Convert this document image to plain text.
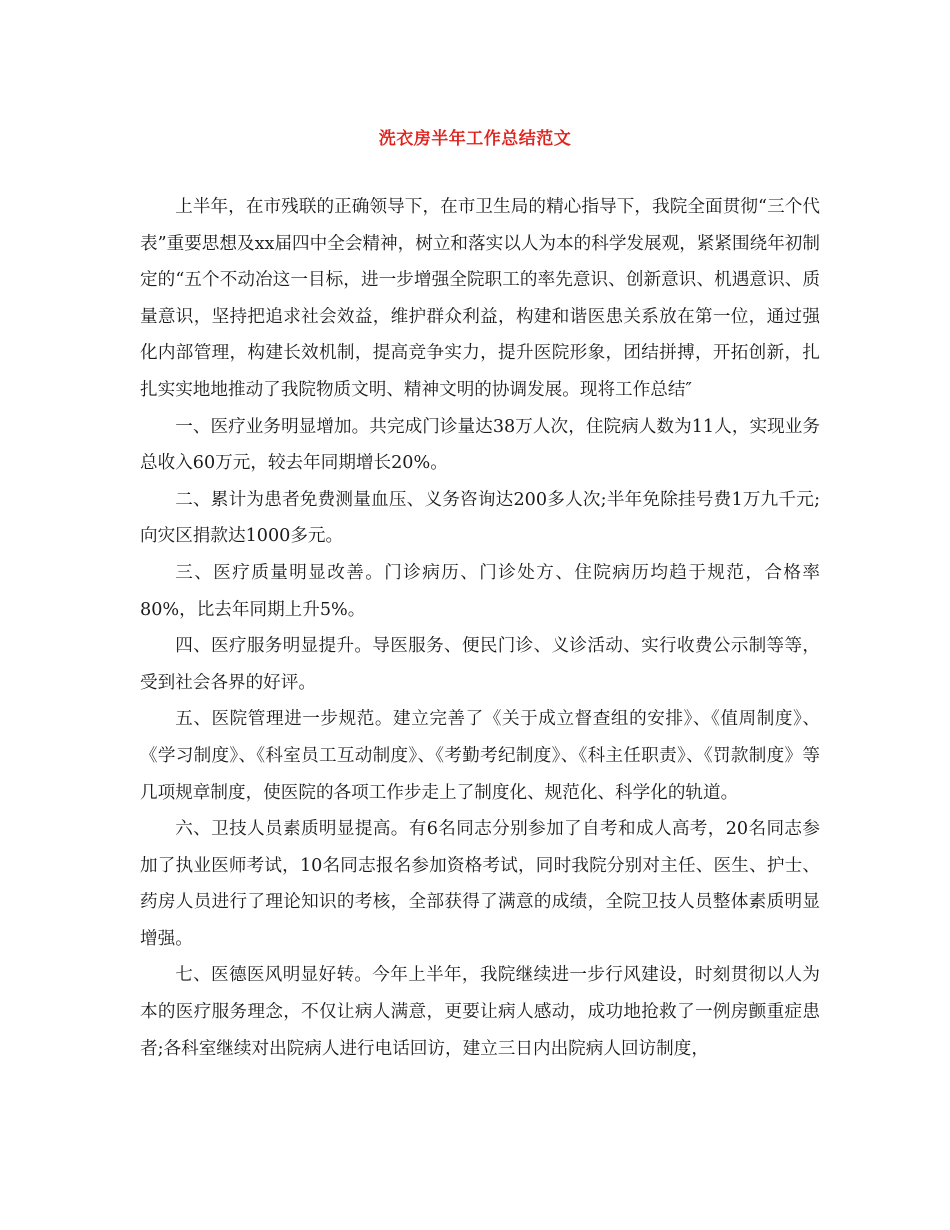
洗衣房半年工作总结范文

上半年，在市残联的正确领导下，在市卫生局的精心指导下，我院全面贯彻“三个代表”重要思想及xx届四中全会精神，树立和落实以人为本的科学发展观，紧紧围绕年初制定的“五个不动冶这一目标，进一步增强全院职工的率先意识、创新意识、机遇意识、质量意识，坚持把追求社会效益，维护群众利益，构建和谐医患关系放在第一位，通过强化内部管理，构建长效机制，提高竞争实力，提升医院形象，团结拼搏，开拓创新，扎扎实实地地推动了我院物质文明、精神文明的协调发展。现将工作总结″

一、医疗业务明显增加。共完成门诊量达38万人次，住院病人数为11人，实现业务总收入60万元，较去年同期增长20%。

二、累计为患者免费测量血压、义务咨询达200多人次;半年免除挂号费1万九千元;向灾区捐款达1000多元。

三、医疗质量明显改善。门诊病历、门诊处方、住院病历均趋于规范，合格率80%，比去年同期上升5%。

四、医疗服务明显提升。导医服务、便民门诊、义诊活动、实行收费公示制等等，受到社会各界的好评。

五、医院管理进一步规范。建立完善了《关于成立督查组的安排》、《值周制度》、《学习制度》、《科室员工互动制度》、《考勤考纪制度》、《科主任职责》、《罚款制度》等几项规章制度，使医院的各项工作步走上了制度化、规范化、科学化的轨道。

六、卫技人员素质明显提高。有6名同志分别参加了自考和成人高考，20名同志参加了执业医师考试，10名同志报名参加资格考试，同时我院分别对主任、医生、护士、药房人员进行了理论知识的考核，全部获得了满意的成绩，全院卫技人员整体素质明显增强。

七、医德医风明显好转。今年上半年，我院继续进一步行风建设，时刻贯彻以人为本的医疗服务理念，不仅让病人满意，更要让病人感动，成功地抢救了一例房颤重症患者;各科室继续对出院病人进行电话回访，建立三日内出院病人回访制度，
